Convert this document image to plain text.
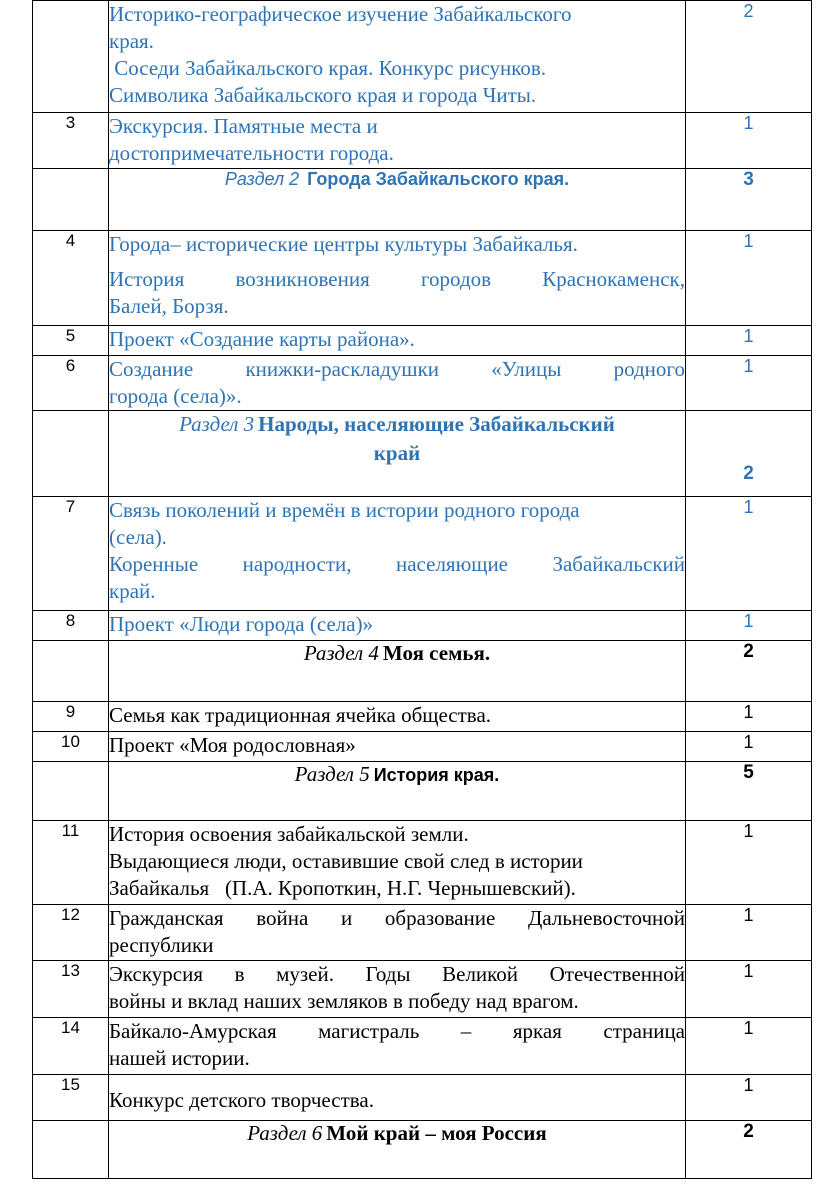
	Историко-географическое изучение Забайкальского
края.
Соседи Забайкальского края. Конкурс рисунков.
Символика Забайкальского края и города Читы.	2
3	Экскурсия. Памятные места и
достопримечательности города.	1
	Раздел 2 Города Забайкальского края.	3
4	Города– исторические центры культуры Забайкалья.
История возникновения городов Краснокаменск,
Балей, Борзя.	1
5	Проект «Создание карты района».	1
6	Создание книжки-раскладушки «Улицы родного
города (села)».	1
	Раздел 3 Народы, населяющие Забайкальский
край	2
7	Связь поколений и времён в истории родного города
(села).
Коренные народности, населяющие Забайкальский
край.	1
8	Проект «Люди города (села)»	1
	Раздел 4 Моя семья.	2
9	Семья как традиционная ячейка общества.	1
10	Проект «Моя родословная»	1
	Раздел 5 История края.	5
11	История освоения забайкальской земли.
Выдающиеся люди, оставившие свой след в истории
Забайкалья   (П.А. Кропоткин, Н.Г. Чернышевский).	1
12	Гражданская война и образование Дальневосточной
республики	1
13	Экскурсия в музей. Годы Великой Отечественной
войны и вклад наших земляков в победу над врагом.	1
14	Байкало-Амурская магистраль – яркая страница
нашей истории.	1
15	Конкурс детского творчества.	1
	Раздел 6 Мой край – моя Россия	2
